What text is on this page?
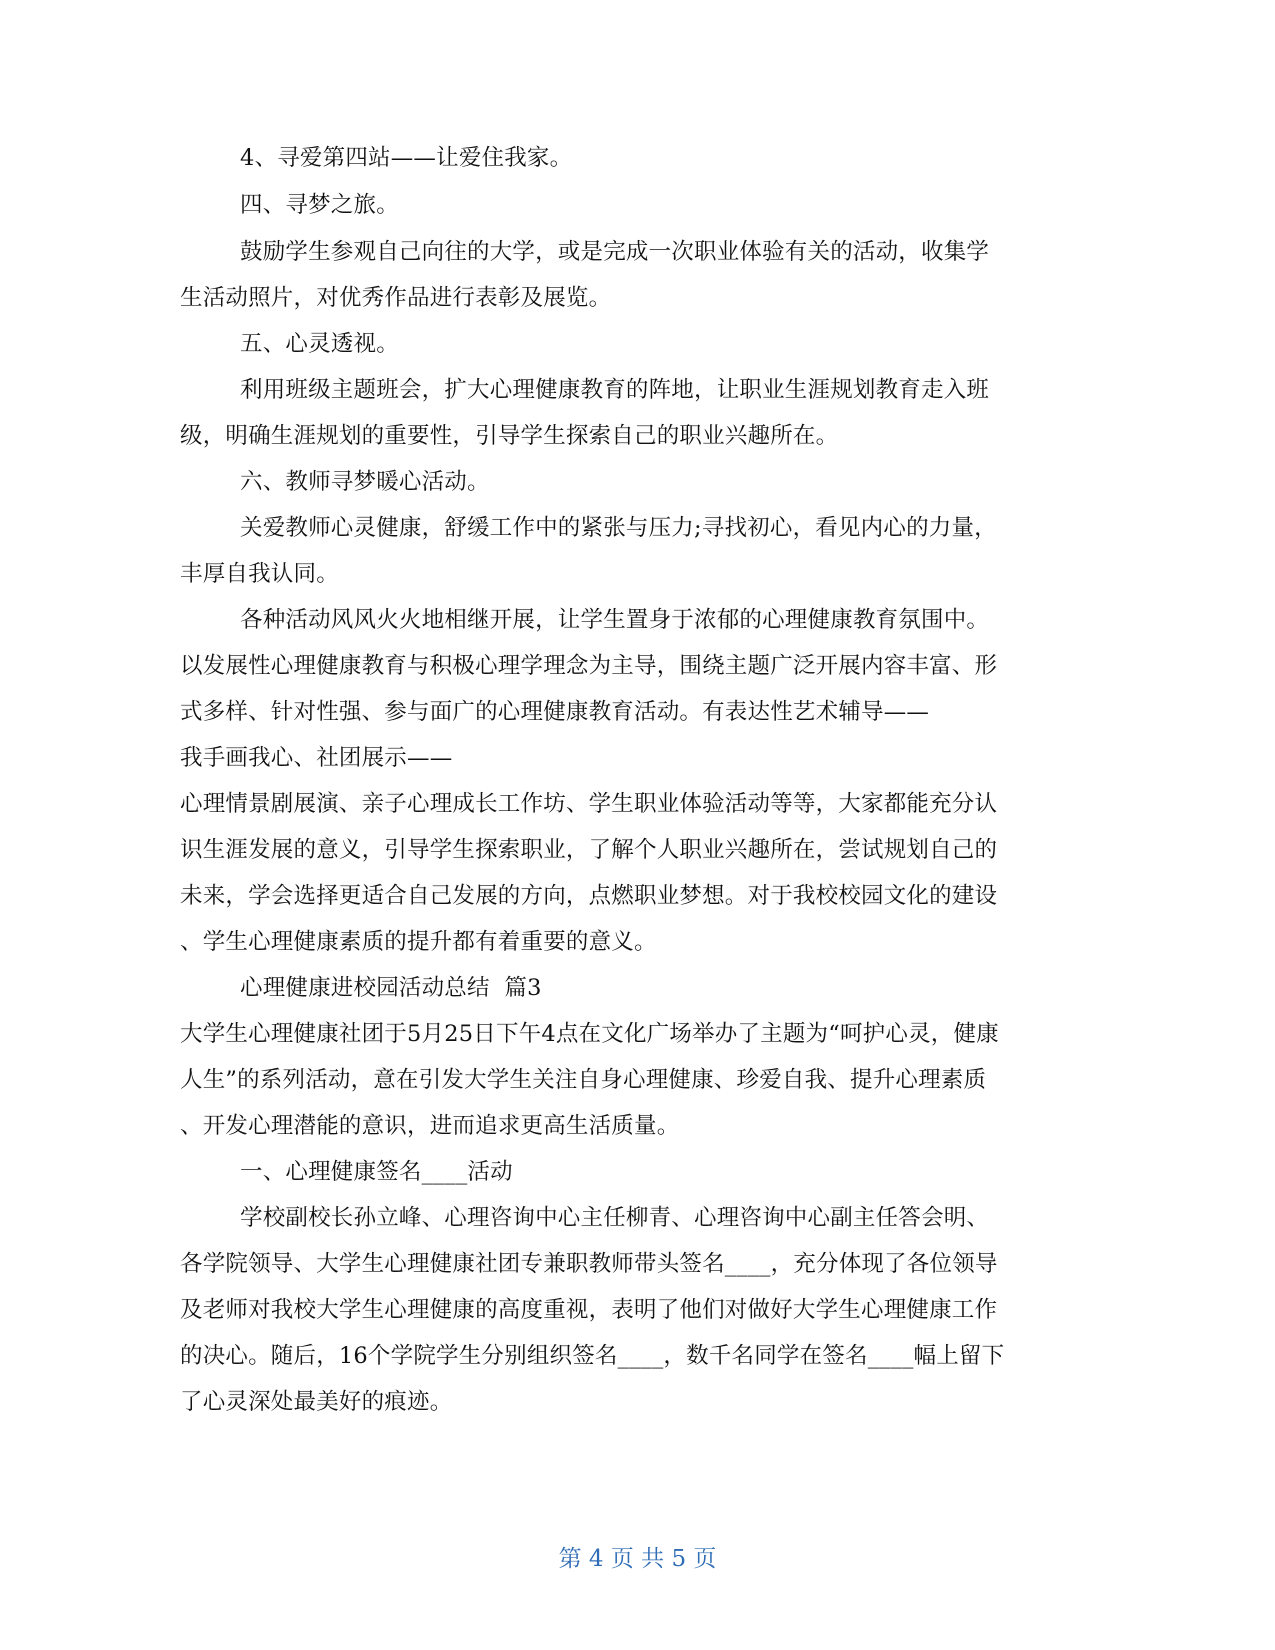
4、寻爱第四站——让爱住我家。
四、寻梦之旅。
鼓励学生参观自己向往的大学，或是完成一次职业体验有关的活动，收集学
生活动照片，对优秀作品进行表彰及展览。
五、心灵透视。
利用班级主题班会，扩大心理健康教育的阵地，让职业生涯规划教育走入班
级，明确生涯规划的重要性，引导学生探索自己的职业兴趣所在。
六、教师寻梦暖心活动。
关爱教师心灵健康，舒缓工作中的紧张与压力;寻找初心，看见内心的力量，
丰厚自我认同。
各种活动风风火火地相继开展，让学生置身于浓郁的心理健康教育氛围中。
以发展性心理健康教育与积极心理学理念为主导，围绕主题广泛开展内容丰富、形
式多样、针对性强、参与面广的心理健康教育活动。有表达性艺术辅导——
我手画我心、社团展示——
心理情景剧展演、亲子心理成长工作坊、学生职业体验活动等等，大家都能充分认
识生涯发展的意义，引导学生探索职业，了解个人职业兴趣所在，尝试规划自己的
未来，学会选择更适合自己发展的方向，点燃职业梦想。对于我校校园文化的建设
、学生心理健康素质的提升都有着重要的意义。
心理健康进校园活动总结  篇3
大学生心理健康社团于5月25日下午4点在文化广场举办了主题为“呵护心灵，健康
人生”的系列活动，意在引发大学生关注自身心理健康、珍爱自我、提升心理素质
、开发心理潜能的意识，进而追求更高生活质量。
一、心理健康签名____活动
学校副校长孙立峰、心理咨询中心主任柳青、心理咨询中心副主任答会明、
各学院领导、大学生心理健康社团专兼职教师带头签名____，充分体现了各位领导
及老师对我校大学生心理健康的高度重视，表明了他们对做好大学生心理健康工作
的决心。随后，16个学院学生分别组织签名____，数千名同学在签名____幅上留下
了心灵深处最美好的痕迹。
第 4 页 共 5 页
